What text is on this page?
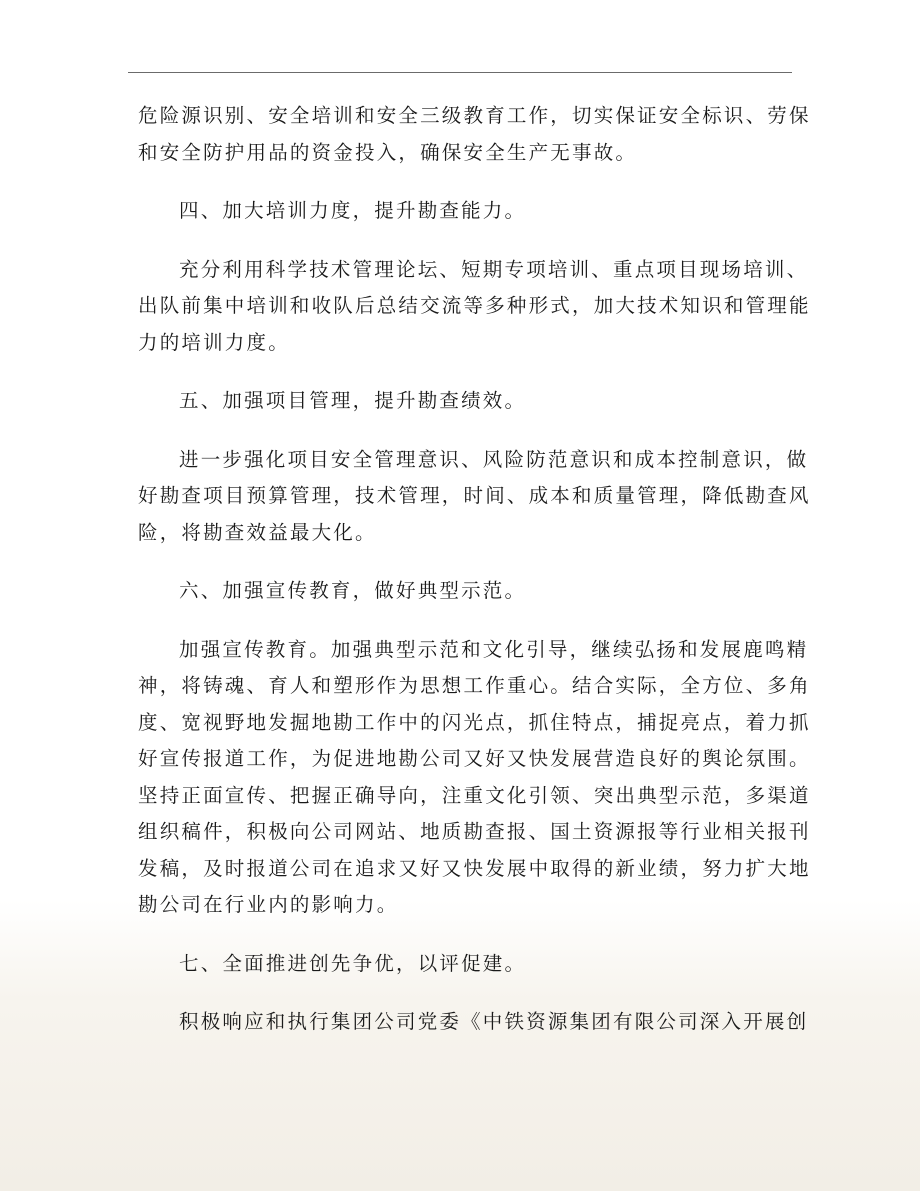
危险源识别、安全培训和安全三级教育工作，切实保证安全标识、劳保
和安全防护用品的资金投入，确保安全生产无事故。
四、加大培训力度，提升勘查能力。
充分利用科学技术管理论坛、短期专项培训、重点项目现场培训、
出队前集中培训和收队后总结交流等多种形式，加大技术知识和管理能
力的培训力度。
五、加强项目管理，提升勘查绩效。
进一步强化项目安全管理意识、风险防范意识和成本控制意识，做
好勘查项目预算管理，技术管理，时间、成本和质量管理，降低勘查风
险，将勘查效益最大化。
六、加强宣传教育，做好典型示范。
加强宣传教育。加强典型示范和文化引导，继续弘扬和发展鹿鸣精
神，将铸魂、育人和塑形作为思想工作重心。结合实际，全方位、多角
度、宽视野地发掘地勘工作中的闪光点，抓住特点，捕捉亮点，着力抓
好宣传报道工作，为促进地勘公司又好又快发展营造良好的舆论氛围。
坚持正面宣传、把握正确导向，注重文化引领、突出典型示范，多渠道
组织稿件，积极向公司网站、地质勘查报、国土资源报等行业相关报刊
发稿，及时报道公司在追求又好又快发展中取得的新业绩，努力扩大地
勘公司在行业内的影响力。
七、全面推进创先争优，以评促建。
积极响应和执行集团公司党委《中铁资源集团有限公司深入开展创
